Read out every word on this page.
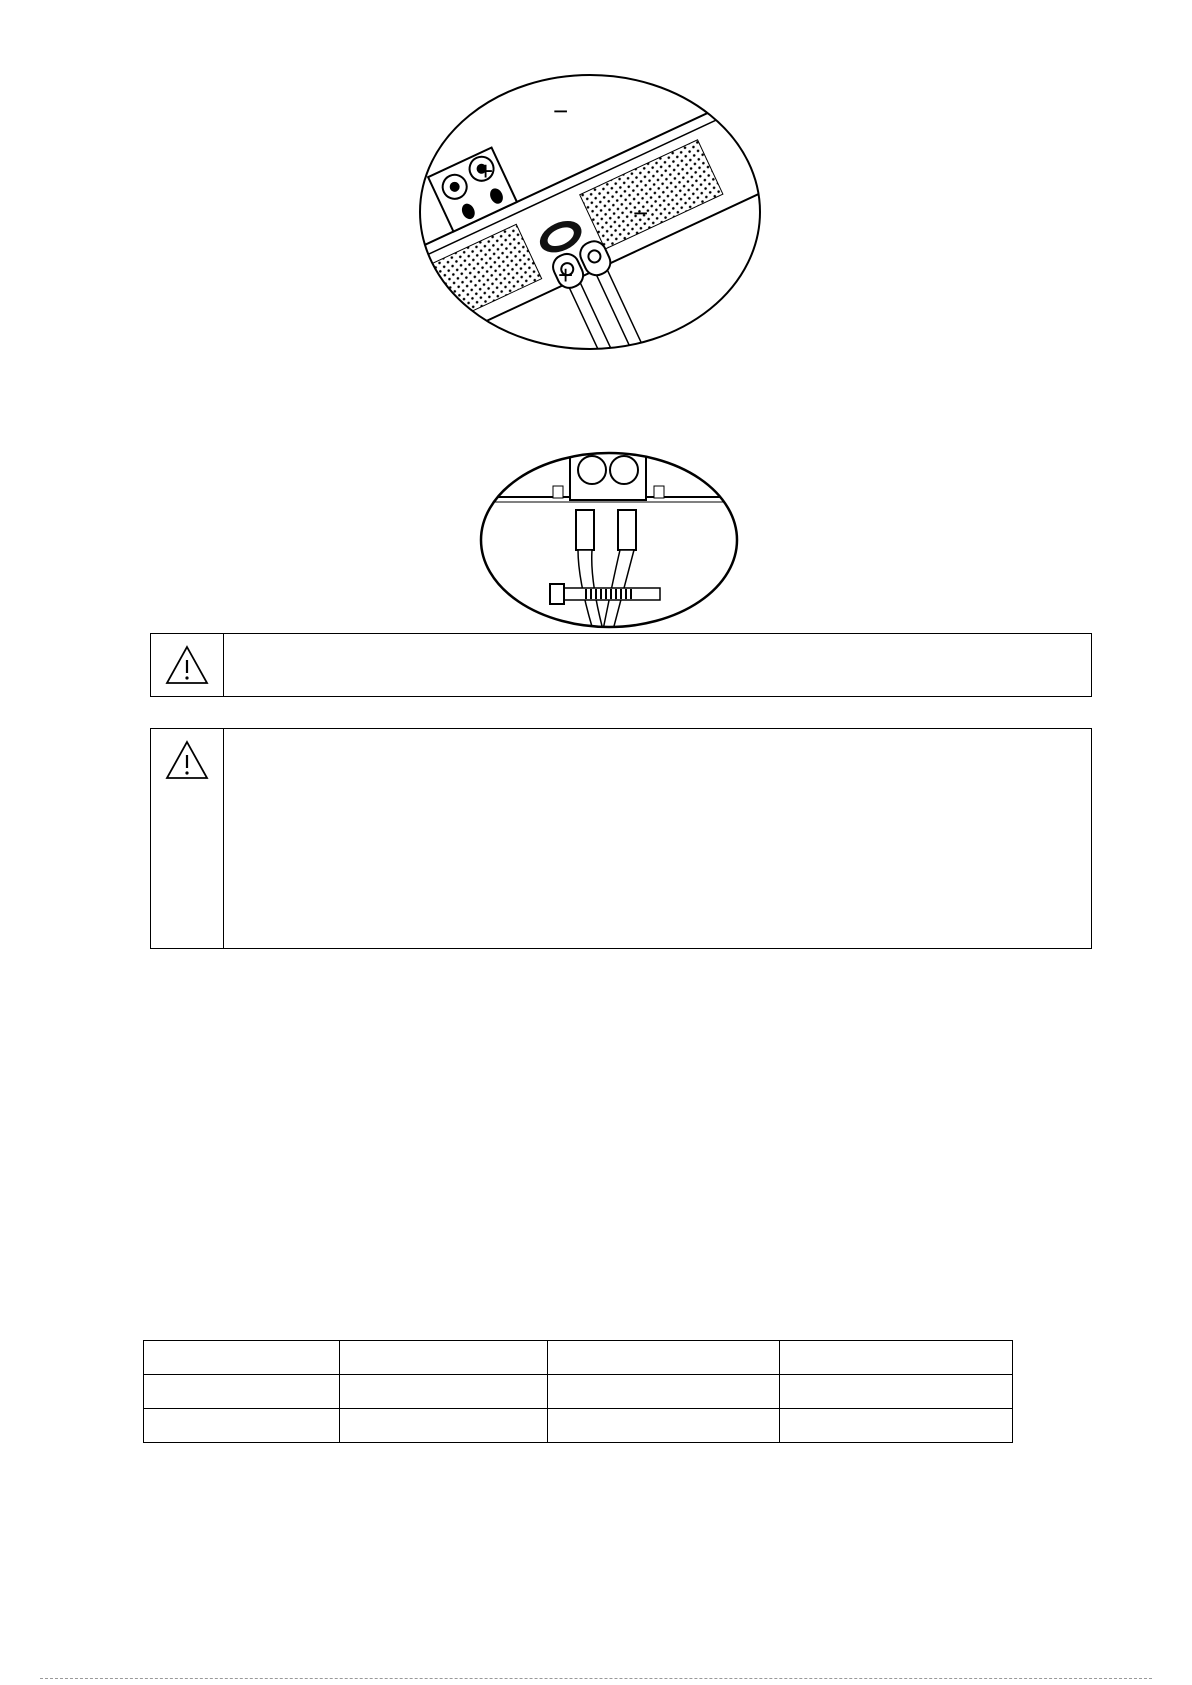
+
−
+
−
